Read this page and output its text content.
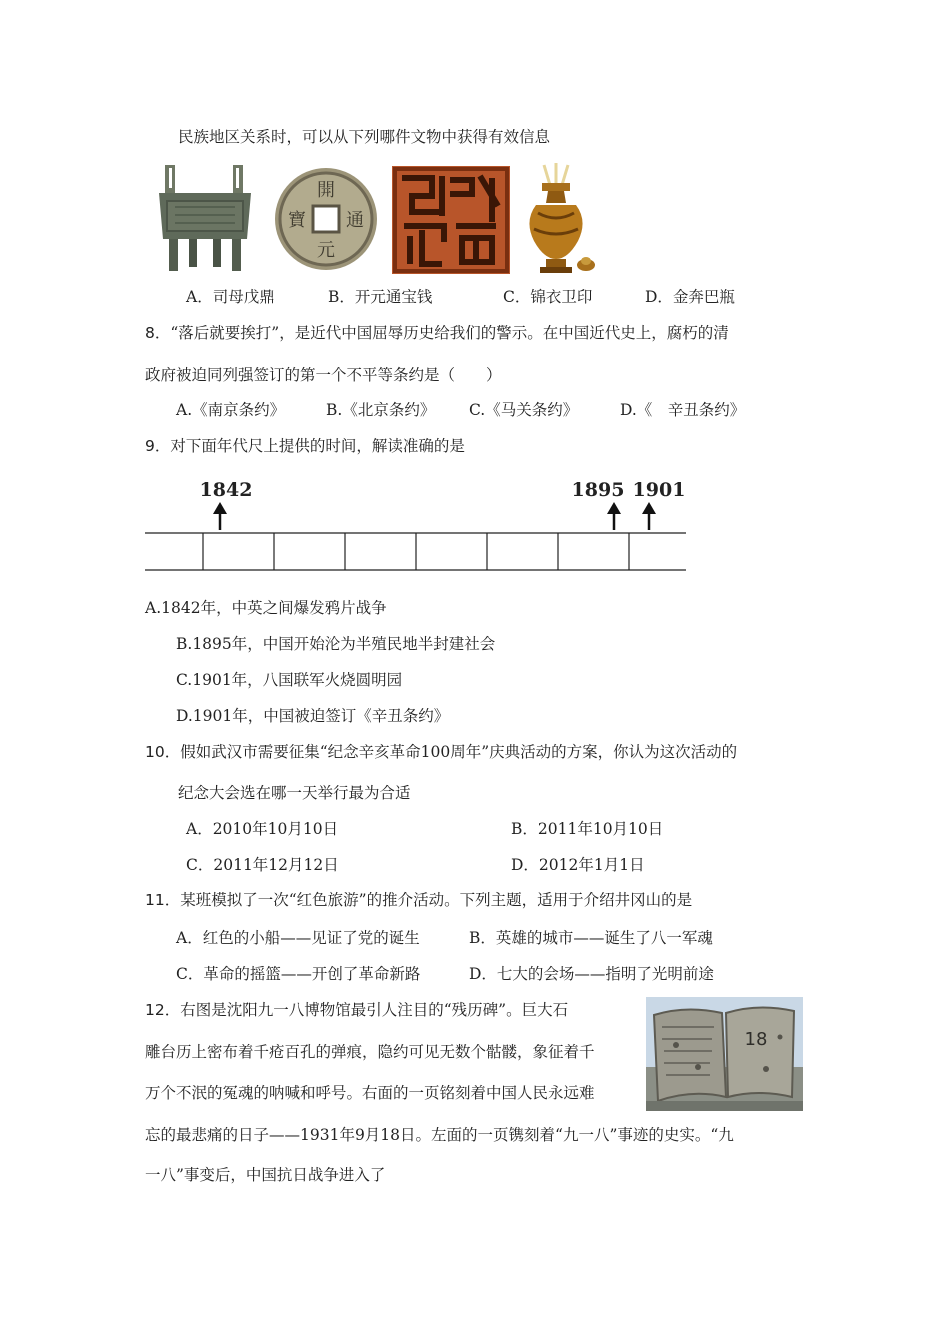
民族地区关系时，可以从下列哪件文物中获得有效信息
開
元
寶 通
A．司母戊鼎	B．开元通宝钱	C．锦衣卫印	D．金奔巴瓶
8．“落后就要挨打”，是近代中国屈辱历史给我们的警示。在中国近代史上，腐朽的清
政府被迫同列强签订的第一个不平等条约是（　　）
A.《南京条约》	B.《北京条约》 C.《马关条约》	D.《　辛丑条约》
9．对下面年代尺上提供的时间，解读准确的是
1842	1895 1901
A.1842年，中英之间爆发鸦片战争
B.1895年，中国开始沦为半殖民地半封建社会
C.1901年，八国联军火烧圆明园
D.1901年，中国被迫签订《辛丑条约》
10．假如武汉市需要征集“纪念辛亥革命100周年”庆典活动的方案，你认为这次活动的
纪念大会选在哪一天举行最为合适
A．2010年10月10日	B．2011年10月10日
C．2011年12月12日	D．2012年1月1日
11．某班模拟了一次“红色旅游”的推介活动。下列主题，适用于介绍井冈山的是
A．红色的小船——见证了党的诞生	B．英雄的城市——诞生了八一军魂
C．革命的摇篮——开创了革命新路	D．七大的会场——指明了光明前途
12．右图是沈阳九一八博物馆最引人注目的“残历碑”。巨大石
雕台历上密布着千疮百孔的弹痕，隐约可见无数个骷髅，象征着千
万个不泯的冤魂的呐喊和呼号。右面的一页铭刻着中国人民永远难
忘的最悲痛的日子——1931年9月18日。左面的一页镌刻着“九一八”事迹的史实。“九
一八”事变后，中国抗日战争进入了
18
